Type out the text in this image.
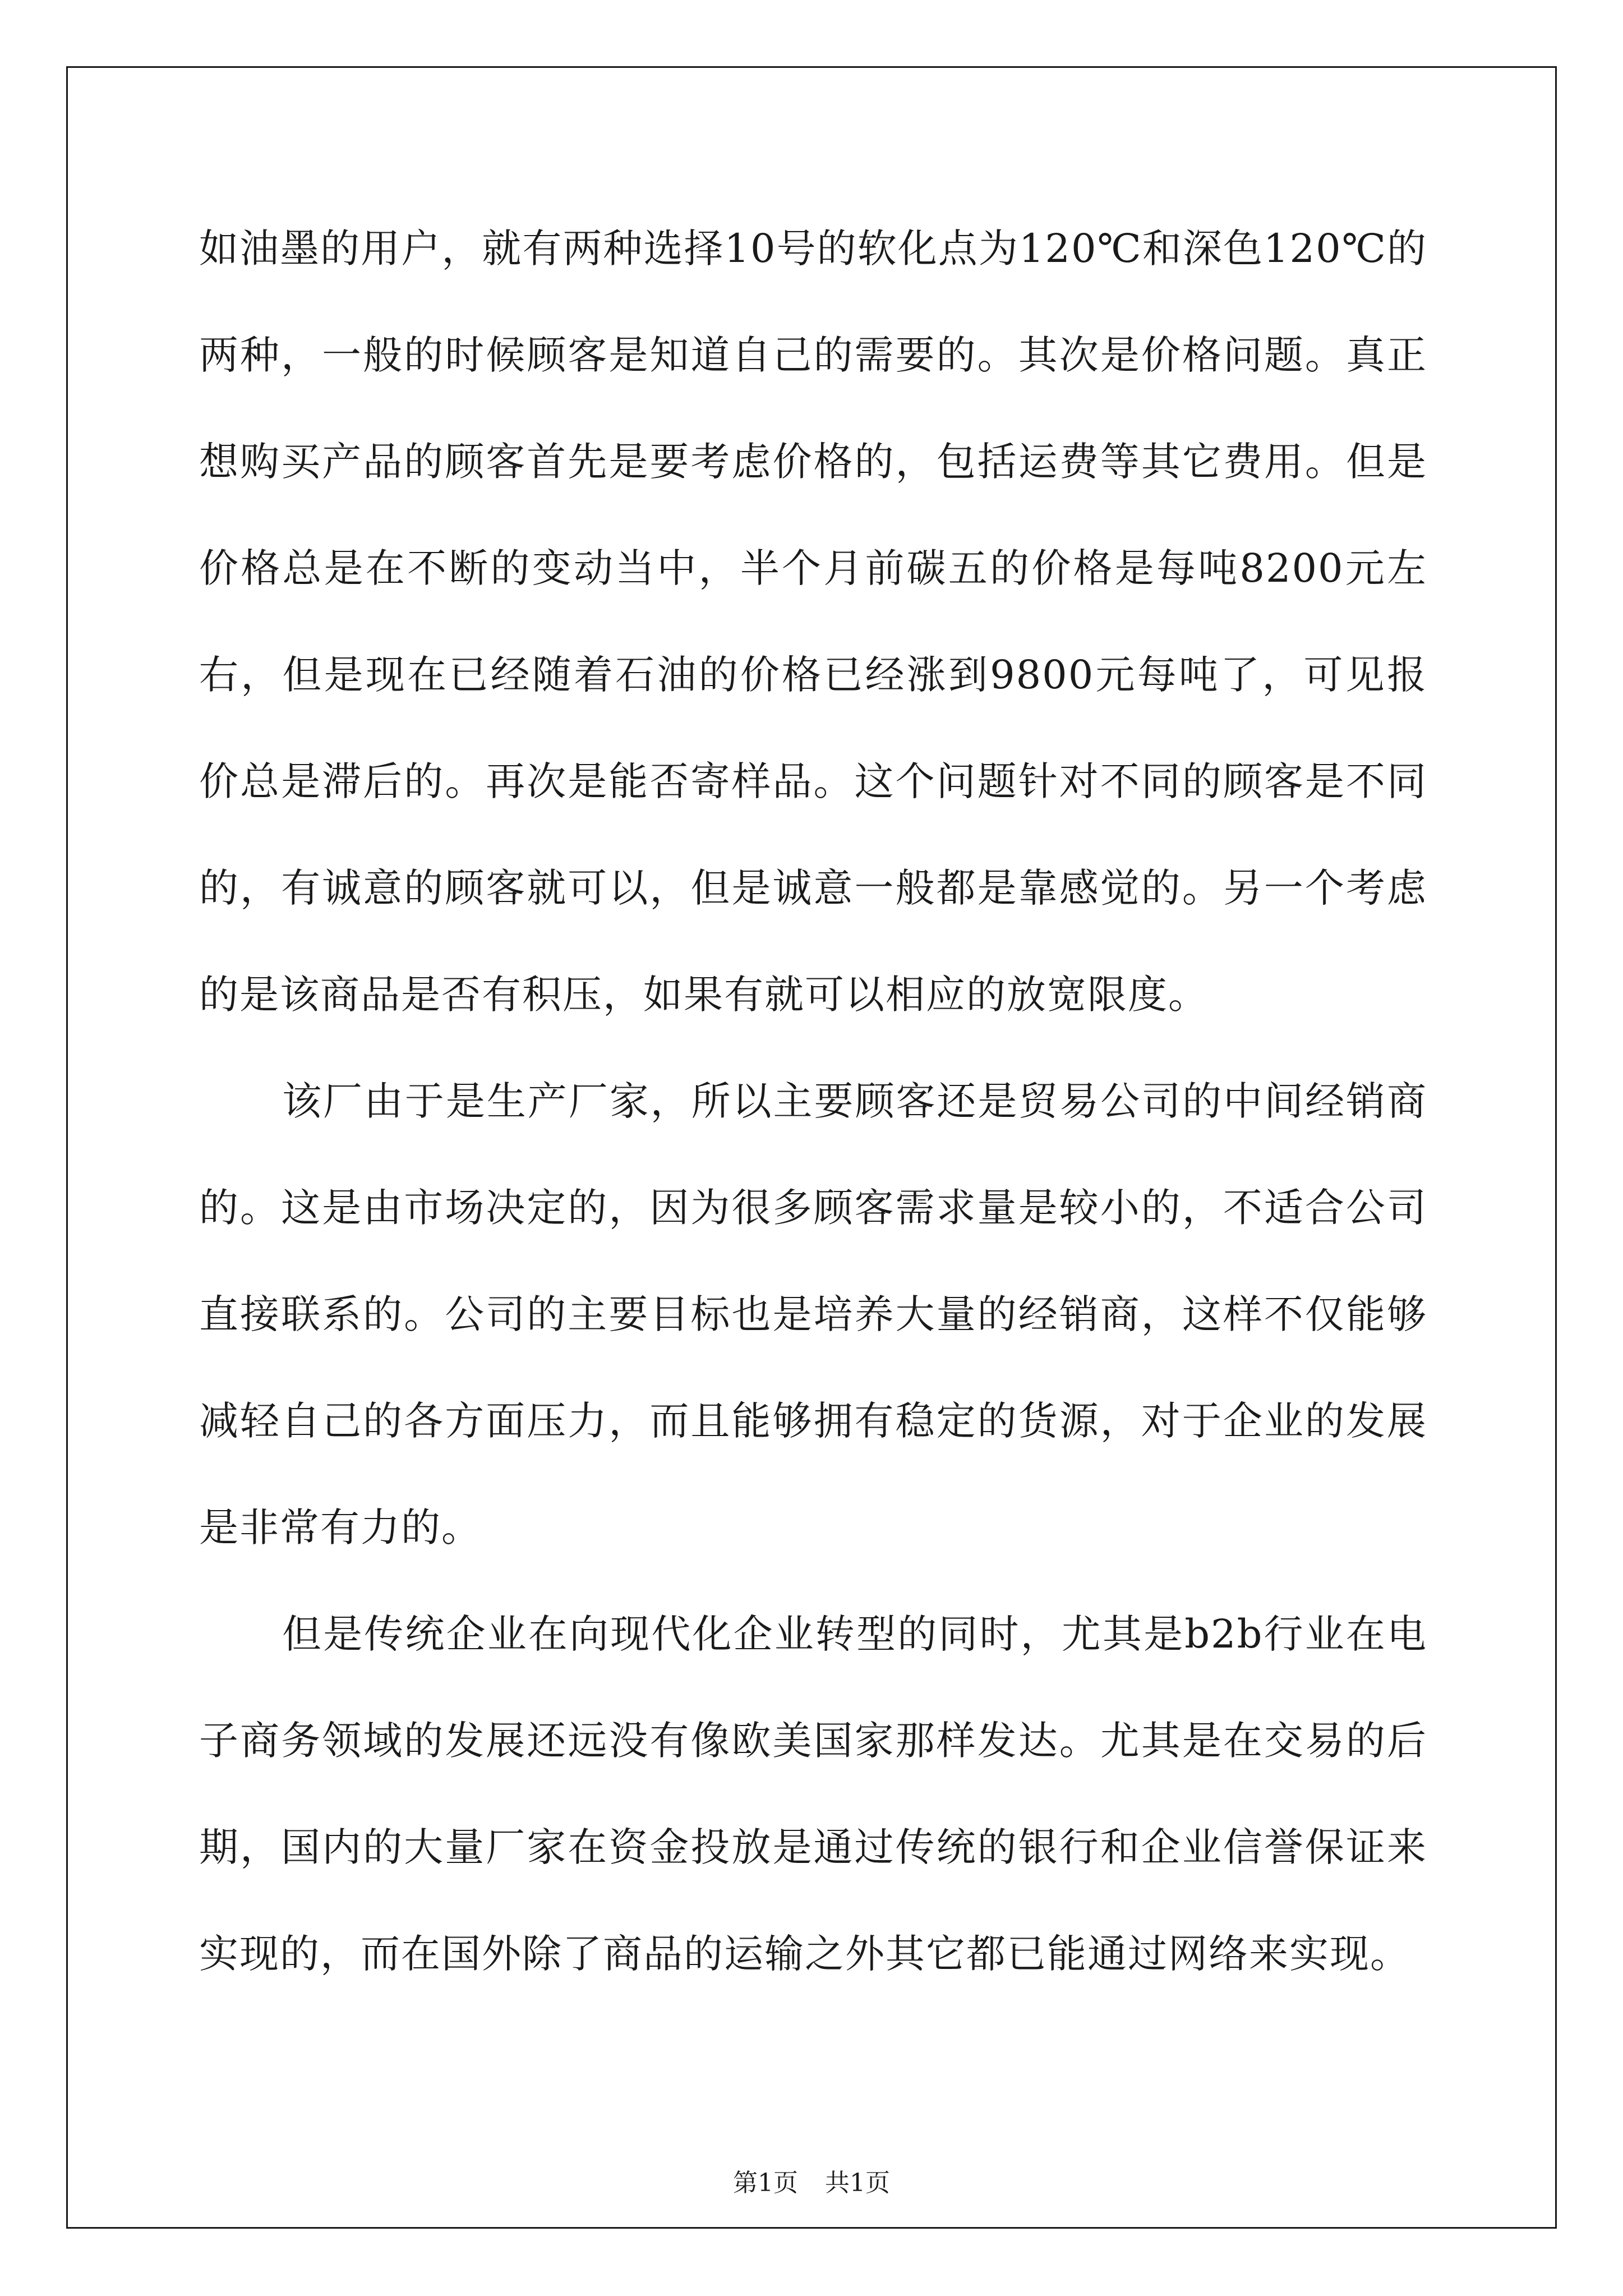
如油墨的用户，就有两种选择10号的软化点为120℃和深色120℃的两种，一般的时候顾客是知道自己的需要的。其次是价格问题。真正想购买产品的顾客首先是要考虑价格的，包括运费等其它费用。但是价格总是在不断的变动当中，半个月前碳五的价格是每吨8200元左右，但是现在已经随着石油的价格已经涨到9800元每吨了，可见报价总是滞后的。再次是能否寄样品。这个问题针对不同的顾客是不同的，有诚意的顾客就可以，但是诚意一般都是靠感觉的。另一个考虑的是该商品是否有积压，如果有就可以相应的放宽限度。

该厂由于是生产厂家，所以主要顾客还是贸易公司的中间经销商的。这是由市场决定的，因为很多顾客需求量是较小的，不适合公司直接联系的。公司的主要目标也是培养大量的经销商，这样不仅能够减轻自己的各方面压力，而且能够拥有稳定的货源，对于企业的发展是非常有力的。

但是传统企业在向现代化企业转型的同时，尤其是b2b行业在电子商务领域的发展还远没有像欧美国家那样发达。尤其是在交易的后期，国内的大量厂家在资金投放是通过传统的银行和企业信誉保证来实现的，而在国外除了商品的运输之外其它都已能通过网络来实现。

第1页 共1页
